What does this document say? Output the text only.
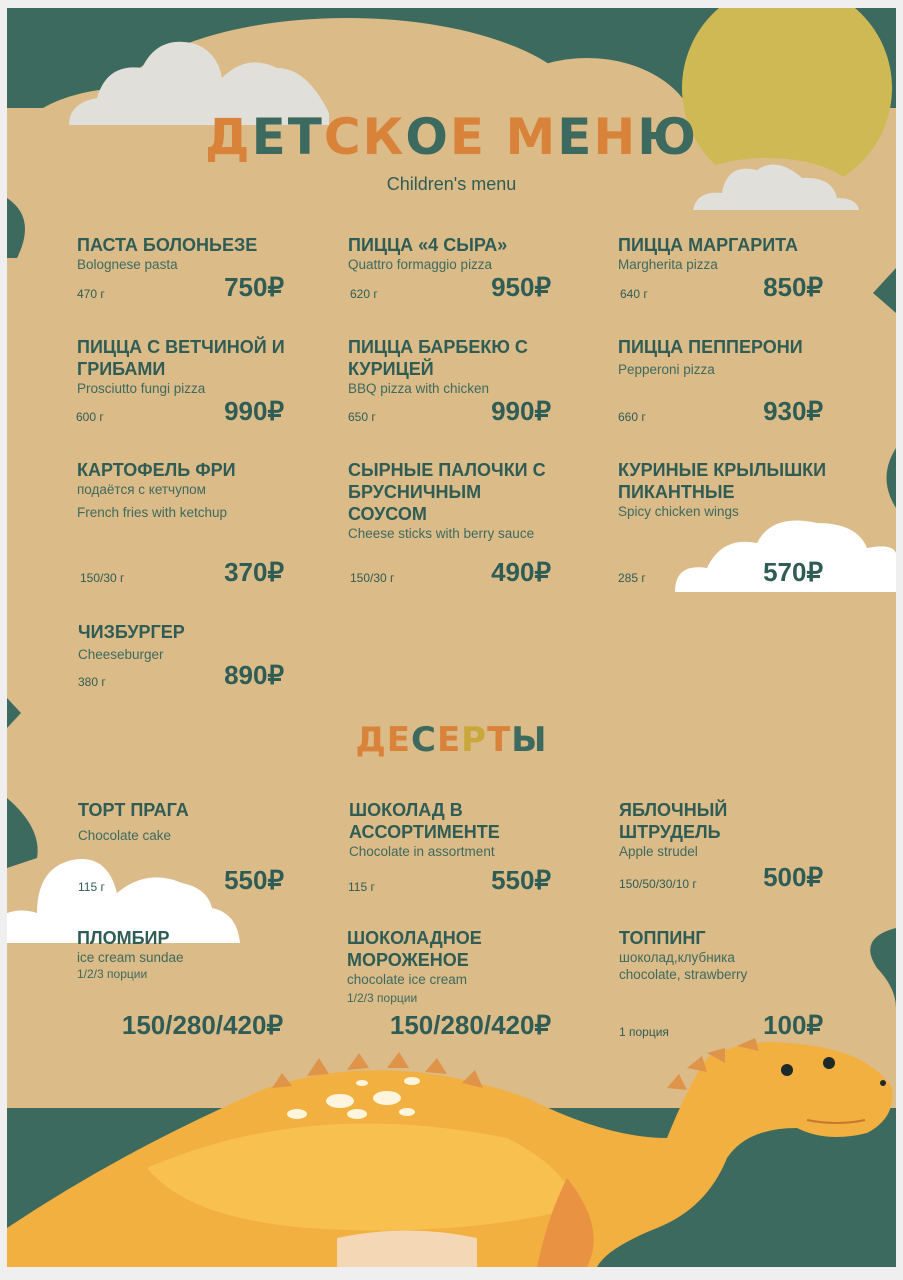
ДЕТСКОЕ МЕНЮ
Children's menu
ПАСТА БОЛОНЬЕЗЕ
Bolognese pasta
470 г	750₽
ПИЦЦА «4 СЫРА»
Quattro formaggio pizza
620 г	950₽
ПИЦЦА МАРГАРИТА
Margherita pizza
640 г	850₽
ПИЦЦА С ВЕТЧИНОЙ И ГРИБАМИ
Prosciutto fungi pizza
600 г	990₽
ПИЦЦА БАРБЕКЮ С КУРИЦЕЙ
BBQ pizza with chicken
650 г	990₽
ПИЦЦА ПЕППЕРОНИ
Pepperoni pizza
660 г	930₽
КАРТОФЕЛЬ ФРИ
подаётся с кетчупом
French fries with ketchup
150/30 г	370₽
СЫРНЫЕ ПАЛОЧКИ С БРУСНИЧНЫМ СОУСОМ
Cheese sticks with berry sauce
150/30 г	490₽
КУРИНЫЕ КРЫЛЫШКИ ПИКАНТНЫЕ
Spicy chicken wings
285 г	570₽
ЧИЗБУРГЕР
Cheeseburger
380 г	890₽
ДЕСЕРТЫ
ТОРТ ПРАГА
Chocolate cake
115 г	550₽
ШОКОЛАД В АССОРТИМЕНТЕ
Chocolate in assortment
115 г	550₽
ЯБЛОЧНЫЙ ШТРУДЕЛЬ
Apple strudel
150/50/30/10 г	500₽
ПЛОМБИР
ice cream sundae
1/2/3 порции
150/280/420₽
ШОКОЛАДНОЕ МОРОЖЕНОЕ
chocolate ice cream
1/2/3 порции
150/280/420₽
ТОППИНГ
шоколад,клубника
chocolate, strawberry
1 порция	100₽
